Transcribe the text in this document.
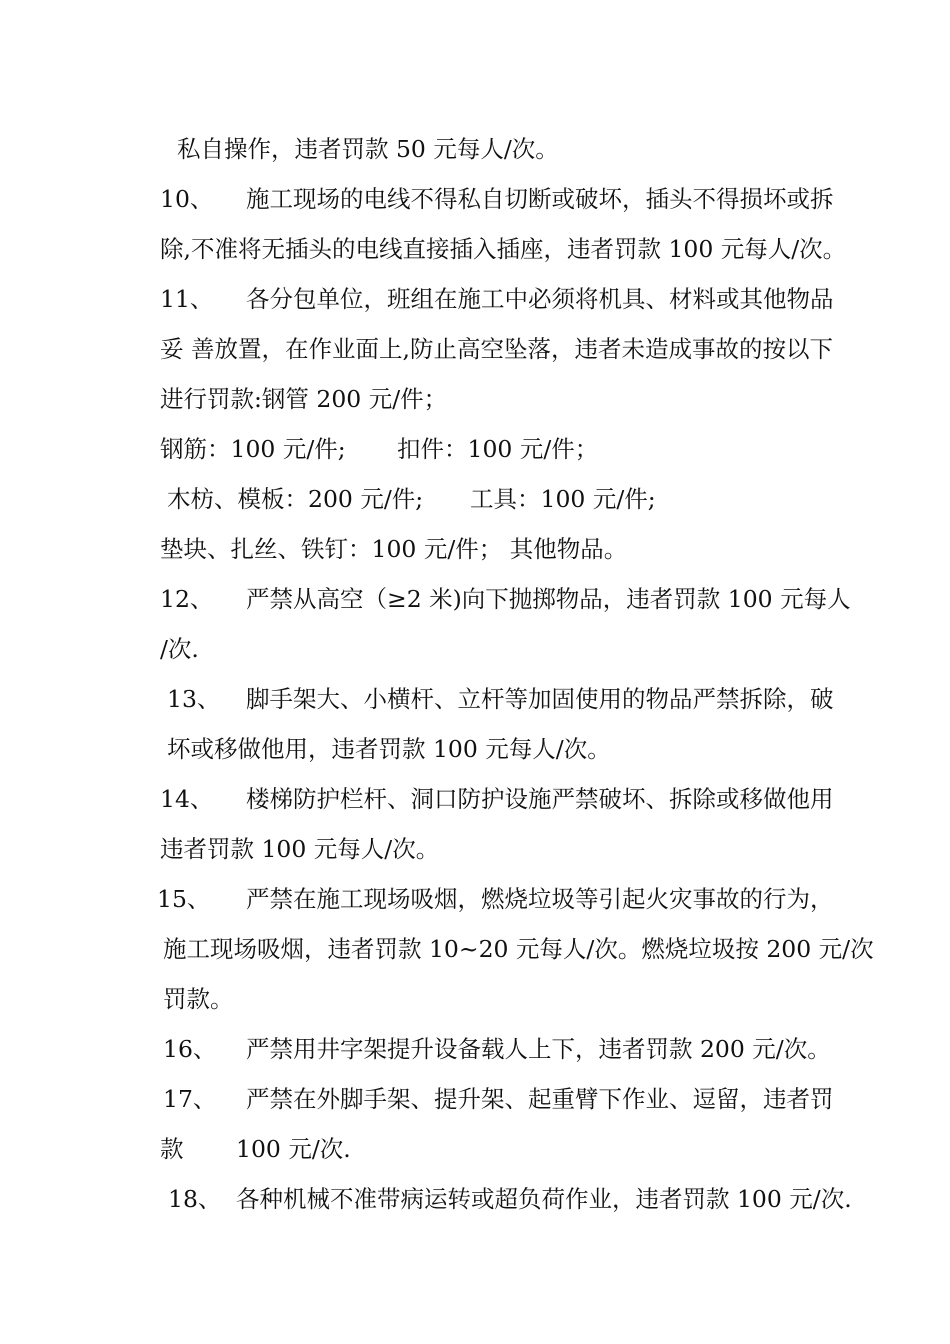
私自操作，违者罚款 50 元每人/次。
10、 施工现场的电线不得私自切断或破坏，插头不得损坏或拆
除,不准将无插头的电线直接插入插座，违者罚款 100 元每人/次。
11、 各分包单位，班组在施工中必须将机具、材料或其他物品
妥 善放置，在作业面上,防止高空坠落，违者未造成事故的按以下
进行罚款:钢管 200 元/件；
钢筋：100 元/件; 扣件：100 元/件；
木枋、模板：200 元/件; 工具：100 元/件;
垫块、扎丝、铁钉：100 元/件； 其他物品。
12、 严禁从高空（≥2 米)向下抛掷物品，违者罚款 100 元每人
/次.
13、 脚手架大、小横杆、立杆等加固使用的物品严禁拆除，破
坏或移做他用，违者罚款 100 元每人/次。
14、 楼梯防护栏杆、洞口防护设施严禁破坏、拆除或移做他用
违者罚款 100 元每人/次。
15、 严禁在施工现场吸烟，燃烧垃圾等引起火灾事故的行为，
施工现场吸烟，违者罚款 10~20 元每人/次。燃烧垃圾按 200 元/次
罚款。
16、 严禁用井字架提升设备载人上下，违者罚款 200 元/次。
17、 严禁在外脚手架、提升架、起重臂下作业、逗留，违者罚
款 100 元/次.
18、 各种机械不准带病运转或超负荷作业，违者罚款 100 元/次.
